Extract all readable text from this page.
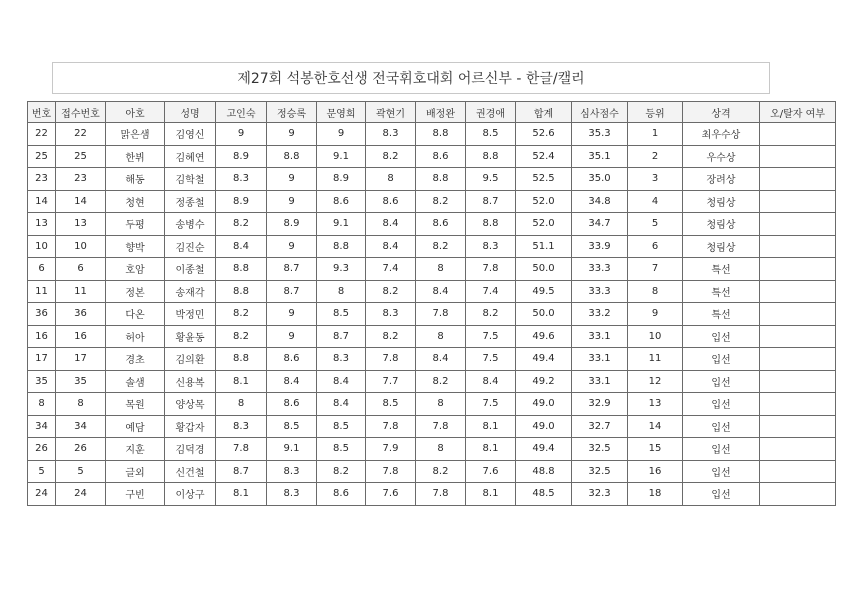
제27회 석봉한호선생 전국휘호대회 어르신부 - 한글/캘리
번호	접수번호	아호	성명	고인숙	정승록	문영희	곽현기	배정완	권경애	합계	심사점수	등위	상격	오/탈자 여부
22	22	맑은샘	김영신	9	9	9	8.3	8.8	8.5	52.6	35.3	1	최우수상	
25	25	한뷔	김혜연	8.9	8.8	9.1	8.2	8.6	8.8	52.4	35.1	2	우수상	
23	23	해동	김학철	8.3	9	8.9	8	8.8	9.5	52.5	35.0	3	장려상	
14	14	청현	정종철	8.9	9	8.6	8.6	8.2	8.7	52.0	34.8	4	청림상	
13	13	두평	송병수	8.2	8.9	9.1	8.4	8.6	8.8	52.0	34.7	5	청림상	
10	10	향박	김진순	8.4	9	8.8	8.4	8.2	8.3	51.1	33.9	6	청림상	
6	6	호암	이종철	8.8	8.7	9.3	7.4	8	7.8	50.0	33.3	7	특선	
11	11	정본	송재각	8.8	8.7	8	8.2	8.4	7.4	49.5	33.3	8	특선	
36	36	다온	박정민	8.2	9	8.5	8.3	7.8	8.2	50.0	33.2	9	특선	
16	16	허아	황윤동	8.2	9	8.7	8.2	8	7.5	49.6	33.1	10	입선	
17	17	경초	김의환	8.8	8.6	8.3	7.8	8.4	7.5	49.4	33.1	11	입선	
35	35	솔샘	신용복	8.1	8.4	8.4	7.7	8.2	8.4	49.2	33.1	12	입선	
8	8	목원	양상목	8	8.6	8.4	8.5	8	7.5	49.0	32.9	13	입선	
34	34	예담	황갑자	8.3	8.5	8.5	7.8	7.8	8.1	49.0	32.7	14	입선	
26	26	지훈	김덕경	7.8	9.1	8.5	7.9	8	8.1	49.4	32.5	15	입선	
5	5	글외	신건철	8.7	8.3	8.2	7.8	8.2	7.6	48.8	32.5	16	입선	
24	24	구빈	이상구	8.1	8.3	8.6	7.6	7.8	8.1	48.5	32.3	18	입선	
